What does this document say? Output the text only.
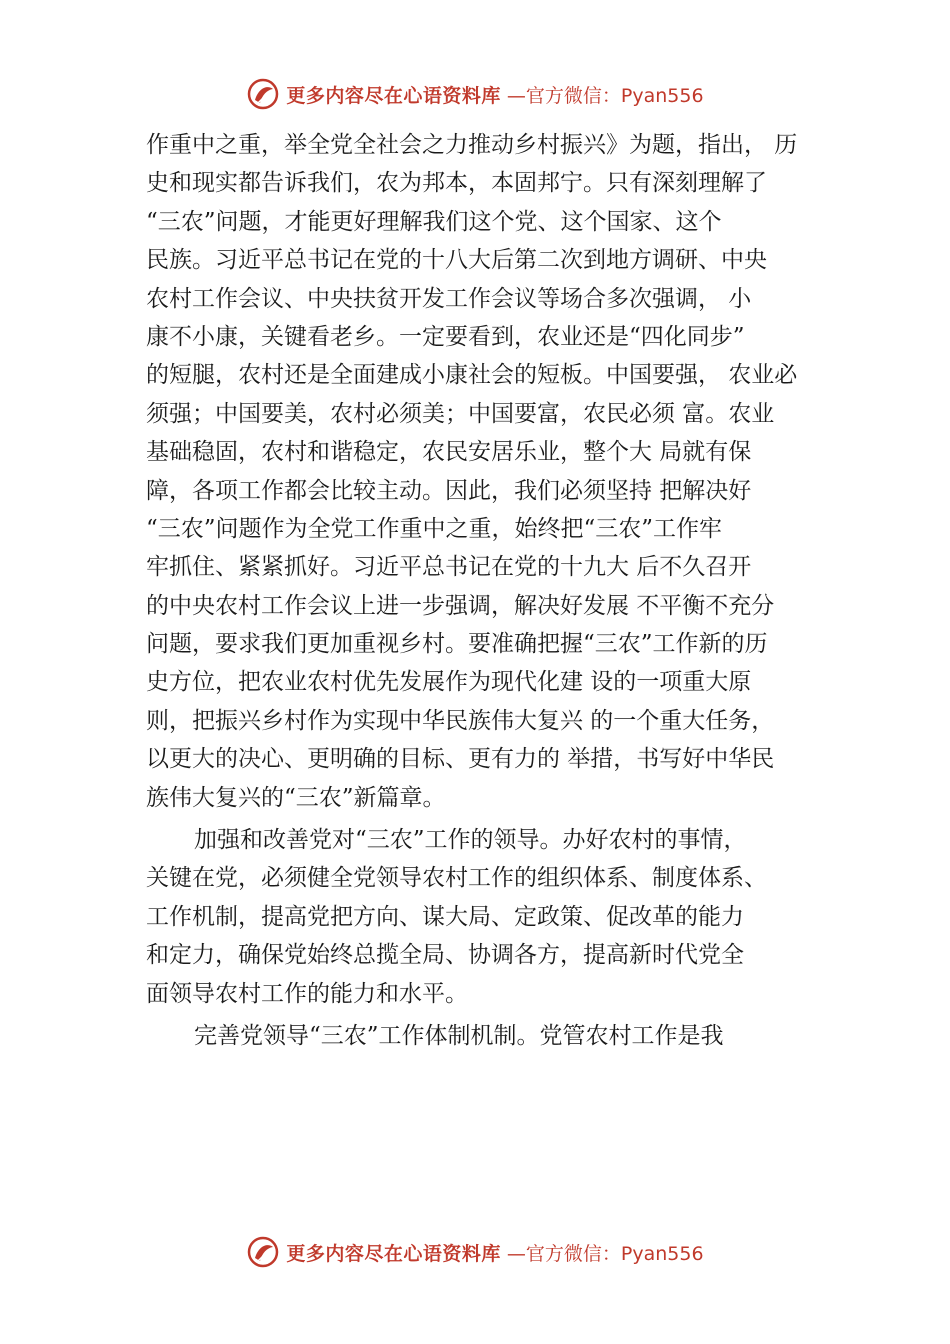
更多内容尽在心语资料库 —官方微信：Pyan556
作重中之重，举全党全社会之力推动乡村振兴》为题，指出， 历
史和现实都告诉我们，农为邦本，本固邦宁。只有深刻理解了
“三农”问题，才能更好理解我们这个党、这个国家、这个
民族。习近平总书记在党的十八大后第二次到地方调研、中央
农村工作会议、中央扶贫开发工作会议等场合多次强调， 小
康不小康，关键看老乡。一定要看到，农业还是“四化同步”
的短腿，农村还是全面建成小康社会的短板。中国要强， 农业必
须强；中国要美，农村必须美；中国要富，农民必须 富。农业
基础稳固，农村和谐稳定，农民安居乐业，整个大 局就有保
障，各项工作都会比较主动。因此，我们必须坚持 把解决好
“三农”问题作为全党工作重中之重，始终把“三农”工作牢
牢抓住、紧紧抓好。习近平总书记在党的十九大 后不久召开
的中央农村工作会议上进一步强调，解决好发展 不平衡不充分
问题，要求我们更加重视乡村。要准确把握“三农”工作新的历
史方位，把农业农村优先发展作为现代化建 设的一项重大原
则，把振兴乡村作为实现中华民族伟大复兴 的一个重大任务，
以更大的决心、更明确的目标、更有力的 举措，书写好中华民
族伟大复兴的“三农”新篇章。
加强和改善党对“三农”工作的领导。办好农村的事情，
关键在党，必须健全党领导农村工作的组织体系、制度体系、
工作机制，提高党把方向、谋大局、定政策、促改革的能力
和定力，确保党始终总揽全局、协调各方，提高新时代党全
面领导农村工作的能力和水平。
完善党领导“三农”工作体制机制。党管农村工作是我
更多内容尽在心语资料库 —官方微信：Pyan556
